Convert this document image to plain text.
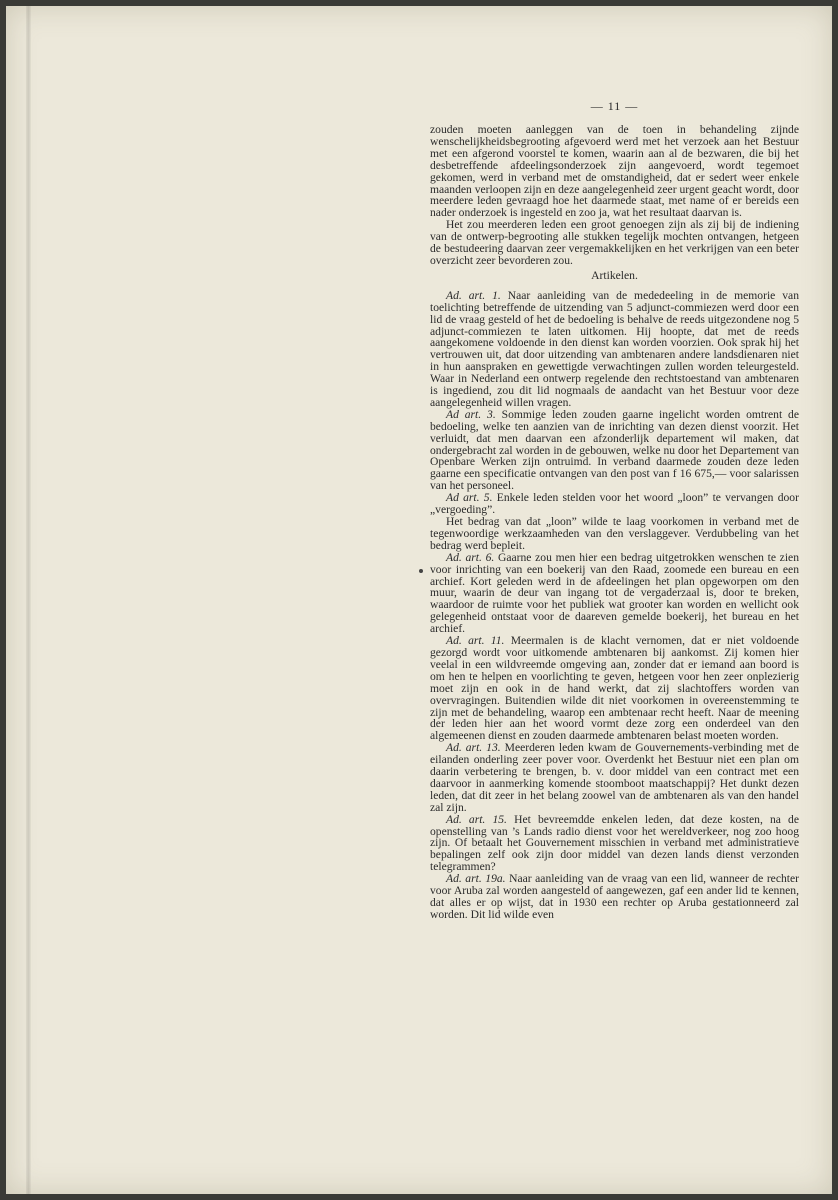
— 11 —

zouden moeten aanleggen van de toen in behandeling zijnde wenschelijkheidsbegrooting afgevoerd werd met het verzoek aan het Bestuur met een afgerond voorstel te komen, waarin aan al de bezwaren, die bij het desbetreffende afdeelingsonderzoek zijn aangevoerd, wordt tegemoet gekomen, werd in verband met de omstandigheid, dat er sedert weer enkele maanden verloopen zijn en deze aangelegenheid zeer urgent geacht wordt, door meerdere leden gevraagd hoe het daarmede staat, met name of er bereids een nader onderzoek is ingesteld en zoo ja, wat het resultaat daarvan is.

Het zou meerderen leden een groot genoegen zijn als zij bij de indiening van de ontwerp-begrooting alle stukken tegelijk mochten ontvangen, hetgeen de bestudeering daarvan zeer vergemakkelijken en het verkrijgen van een beter overzicht zeer bevorderen zou.

Artikelen.

Ad. art. 1. Naar aanleiding van de mededeeling in de memorie van toelichting betreffende de uitzending van 5 adjunct-commiezen werd door een lid de vraag gesteld of het de bedoeling is behalve de reeds uitgezondene nog 5 adjunct-commiezen te laten uitkomen. Hij hoopte, dat met de reeds aangekomene voldoende in den dienst kan worden voorzien. Ook sprak hij het vertrouwen uit, dat door uitzending van ambtenaren andere landsdienaren niet in hun aanspraken en gewettigde verwachtingen zullen worden teleurgesteld. Waar in Nederland een ontwerp regelende den rechtstoestand van ambtenaren is ingediend, zou dit lid nogmaals de aandacht van het Bestuur voor deze aangelegenheid willen vragen.

Ad art. 3. Sommige leden zouden gaarne ingelicht worden omtrent de bedoeling, welke ten aanzien van de inrichting van dezen dienst voorzit. Het verluidt, dat men daarvan een afzonderlijk departement wil maken, dat ondergebracht zal worden in de gebouwen, welke nu door het Departement van Openbare Werken zijn ontruimd. In verband daarmede zouden deze leden gaarne een specificatie ontvangen van den post van f 16 675,— voor salarissen van het personeel.

Ad art. 5. Enkele leden stelden voor het woord „loon” te vervangen door „vergoeding”.

Het bedrag van dat „loon” wilde te laag voorkomen in verband met de tegenwoordige werkzaamheden van den verslaggever. Verdubbeling van het bedrag werd bepleit.

Ad. art. 6. Gaarne zou men hier een bedrag uitgetrokken wenschen te zien voor inrichting van een boekerij van den Raad, zoomede een bureau en een archief. Kort geleden werd in de afdeelingen het plan opgeworpen om den muur, waarin de deur van ingang tot de vergaderzaal is, door te breken, waardoor de ruimte voor het publiek wat grooter kan worden en wellicht ook gelegenheid ontstaat voor de daareven gemelde boekerij, het bureau en het archief.

Ad. art. 11. Meermalen is de klacht vernomen, dat er niet voldoende gezorgd wordt voor uitkomende ambtenaren bij aankomst. Zij komen hier veelal in een wildvreemde omgeving aan, zonder dat er iemand aan boord is om hen te helpen en voorlichting te geven, hetgeen voor hen zeer onplezierig moet zijn en ook in de hand werkt, dat zij slachtoffers worden van overvragingen. Buitendien wilde dit niet voorkomen in overeenstemming te zijn met de behandeling, waarop een ambtenaar recht heeft. Naar de meening der leden hier aan het woord vormt deze zorg een onderdeel van den algemeenen dienst en zouden daarmede ambtenaren belast moeten worden.

Ad. art. 13. Meerderen leden kwam de Gouvernements-verbinding met de eilanden onderling zeer pover voor. Overdenkt het Bestuur niet een plan om daarin verbetering te brengen, b. v. door middel van een contract met een daarvoor in aanmerking komende stoomboot maatschappij? Het dunkt dezen leden, dat dit zeer in het belang zoowel van de ambtenaren als van den handel zal zijn.

Ad. art. 15. Het bevreemdde enkelen leden, dat deze kosten, na de openstelling van ’s Lands radio dienst voor het wereldverkeer, nog zoo hoog zijn. Of betaalt het Gouvernement misschien in verband met administratieve bepalingen zelf ook zijn door middel van dezen lands dienst verzonden telegrammen?

Ad. art. 19a. Naar aanleiding van de vraag van een lid, wanneer de rechter voor Aruba zal worden aangesteld of aangewezen, gaf een ander lid te kennen, dat alles er op wijst, dat in 1930 een rechter op Aruba gestationneerd zal worden. Dit lid wilde even
